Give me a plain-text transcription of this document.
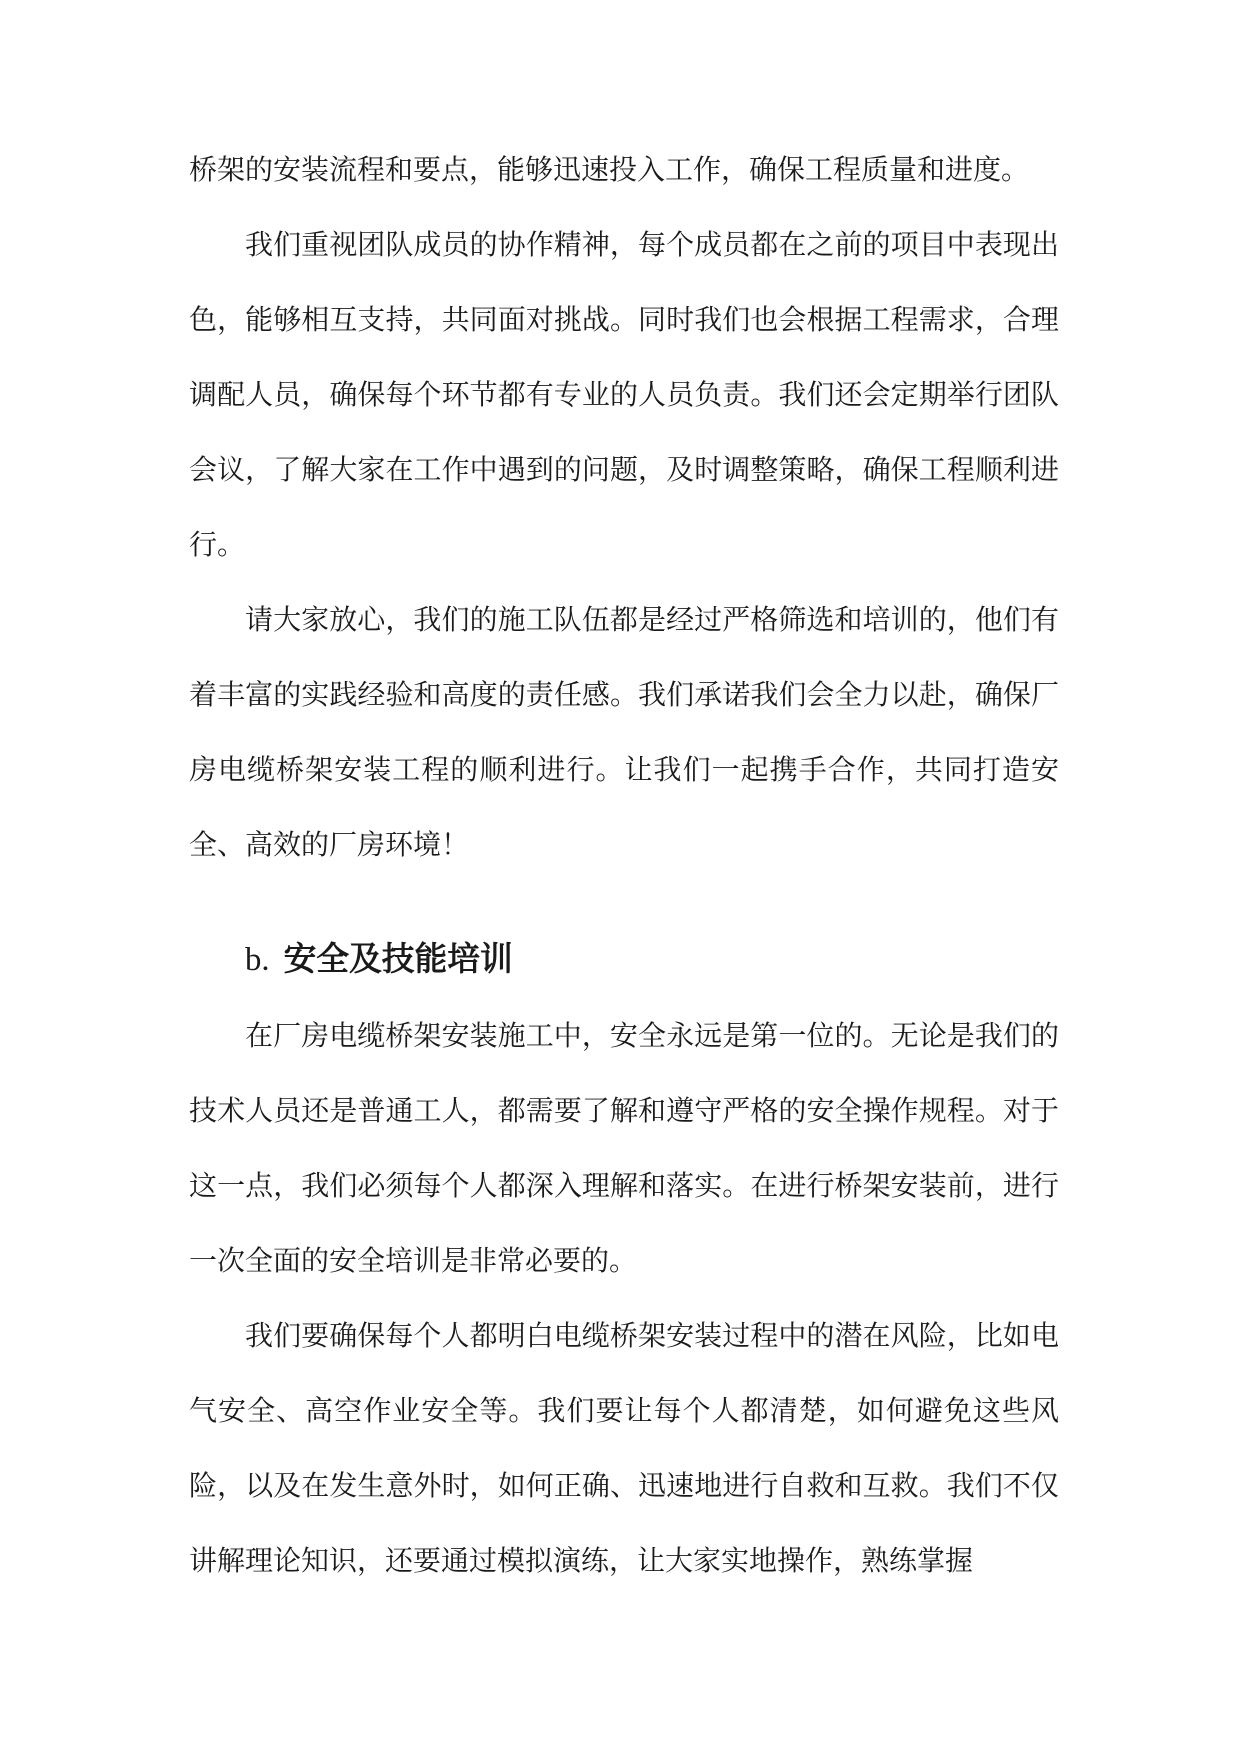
桥架的安装流程和要点，能够迅速投入工作，确保工程质量和进度。

我们重视团队成员的协作精神，每个成员都在之前的项目中表现出色，能够相互支持，共同面对挑战。同时我们也会根据工程需求，合理调配人员，确保每个环节都有专业的人员负责。我们还会定期举行团队会议，了解大家在工作中遇到的问题，及时调整策略，确保工程顺利进行。

请大家放心，我们的施工队伍都是经过严格筛选和培训的，他们有着丰富的实践经验和高度的责任感。我们承诺我们会全力以赴，确保厂房电缆桥架安装工程的顺利进行。让我们一起携手合作，共同打造安全、高效的厂房环境！

b. 安全及技能培训

在厂房电缆桥架安装施工中，安全永远是第一位的。无论是我们的技术人员还是普通工人，都需要了解和遵守严格的安全操作规程。对于这一点，我们必须每个人都深入理解和落实。在进行桥架安装前，进行一次全面的安全培训是非常必要的。

我们要确保每个人都明白电缆桥架安装过程中的潜在风险，比如电气安全、高空作业安全等。我们要让每个人都清楚，如何避免这些风险，以及在发生意外时，如何正确、迅速地进行自救和互救。我们不仅讲解理论知识，还要通过模拟演练，让大家实地操作，熟练掌握
